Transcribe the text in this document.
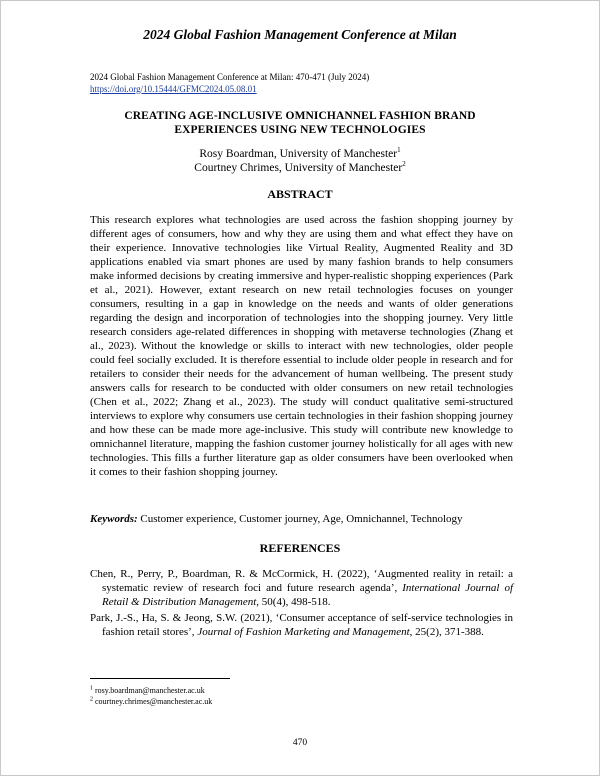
2024 Global Fashion Management Conference at Milan
2024 Global Fashion Management Conference at Milan: 470-471 (July 2024)
https://doi.org/10.15444/GFMC2024.05.08.01
CREATING AGE-INCLUSIVE OMNICHANNEL FASHION BRAND
EXPERIENCES USING NEW TECHNOLOGIES
Rosy Boardman, University of Manchester$^1$
Courtney Chrimes, University of Manchester$^2$
ABSTRACT

This research explores what technologies are used across the fashion shopping journey by different ages of consumers, how and why they are using them and what effect they have on their experience. Innovative technologies like Virtual Reality, Augmented Reality and 3D applications enabled via smart phones are used by many fashion brands to help consumers make informed decisions by creating immersive and hyper-realistic shopping experiences (Park et al., 2021). However, extant research on new retail technologies focuses on younger consumers, resulting in a gap in knowledge on the needs and wants of older generations regarding the design and incorporation of technologies into the shopping journey. Very little research considers age-related differences in shopping with metaverse technologies (Zhang et al., 2023). Without the knowledge or skills to interact with new technologies, older people could feel socially excluded. It is therefore essential to include older people in research and for retailers to consider their needs for the advancement of human wellbeing. The present study answers calls for research to be conducted with older consumers on new retail technologies (Chen et al., 2022; Zhang et al., 2023). The study will conduct qualitative semi-structured interviews to explore why consumers use certain technologies in their fashion shopping journey and how these can be made more age-inclusive. This study will contribute new knowledge to omnichannel literature, mapping the fashion customer journey holistically for all ages with new technologies. This fills a further literature gap as older consumers have been overlooked when it comes to their fashion shopping journey.

Keywords: Customer experience, Customer journey, Age, Omnichannel, Technology
REFERENCES

Chen, R., Perry, P., Boardman, R. & McCormick, H. (2022), ‘Augmented reality in retail: a systematic review of research foci and future research agenda’, International Journal of Retail & Distribution Management, 50(4), 498-518.

Park, J.-S., Ha, S. & Jeong, S.W. (2021), ‘Consumer acceptance of self-service technologies in fashion retail stores’, Journal of Fashion Marketing and Management, 25(2), 371-388.

$^1$ rosy.boardman@manchester.ac.uk
$^2$ courtney.chrimes@manchester.ac.uk
470
